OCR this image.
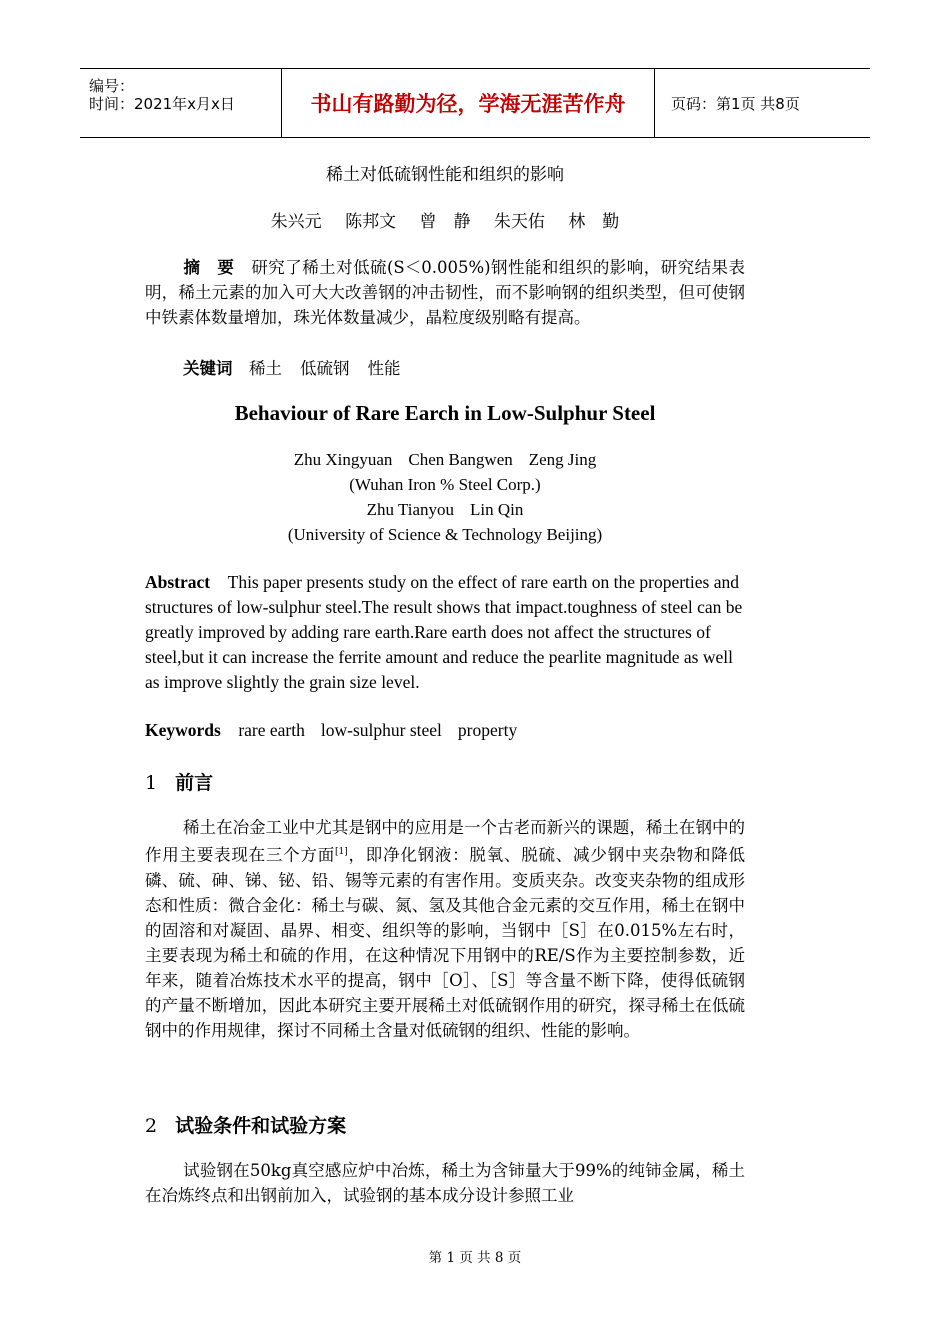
编号：
时间：2021年x月x日	书山有路勤为径，学海无涯苦作舟	页码：第1页 共8页
稀土对低硫钢性能和组织的影响
朱兴元 陈邦文 曾　静 朱天佑 林　勤
摘　要　 研究了稀土对低硫(S＜0.005%)钢性能和组织的影响，研究结果表明，稀土元素的加入可大大改善钢的冲击韧性，而不影响钢的组织类型，但可使钢中铁素体数量增加，珠光体数量减少，晶粒度级别略有提高。
关键词　 稀土 低硫钢 性能
Behaviour of Rare Earch in Low-Sulphur Steel
Zhu Xingyuan Chen Bangwen Zeng Jing
(Wuhan Iron % Steel Corp.)
Zhu Tianyou Lin Qin
(University of Science & Technology Beijing)
Abstract This paper presents study on the effect of rare earth on the properties and structures of low-sulphur steel.The result shows that impact.toughness of steel can be greatly improved by adding rare earth.Rare earth does not affect the structures of steel,but it can increase the ferrite amount and reduce the pearlite magnitude as well as improve slightly the grain size level.
Keywords rare earth low-sulphur steel property
1 前言
稀土在冶金工业中尤其是钢中的应用是一个古老而新兴的课题，稀土在钢中的作用主要表现在三个方面[1]，即净化钢液：脱氧、脱硫、减少钢中夹杂物和降低磷、硫、砷、锑、铋、铅、锡等元素的有害作用。变质夹杂。改变夹杂物的组成形态和性质：微合金化：稀土与碳、氮、氢及其他合金元素的交互作用，稀土在钢中的固溶和对凝固、晶界、相变、组织等的影响，当钢中［S］在0.015%左右时，主要表现为稀土和硫的作用，在这种情况下用钢中的RE/S作为主要控制参数，近年来，随着冶炼技术水平的提高，钢中［O］、［S］等含量不断下降，使得低硫钢的产量不断增加，因此本研究主要开展稀土对低硫钢作用的研究，探寻稀土在低硫钢中的作用规律，探讨不同稀土含量对低硫钢的组织、性能的影响。
2 试验条件和试验方案
试验钢在50kg真空感应炉中冶炼，稀土为含铈量大于99%的纯铈金属，稀土在冶炼终点和出钢前加入，试验钢的基本成分设计参照工业
第 1 页 共 8 页
